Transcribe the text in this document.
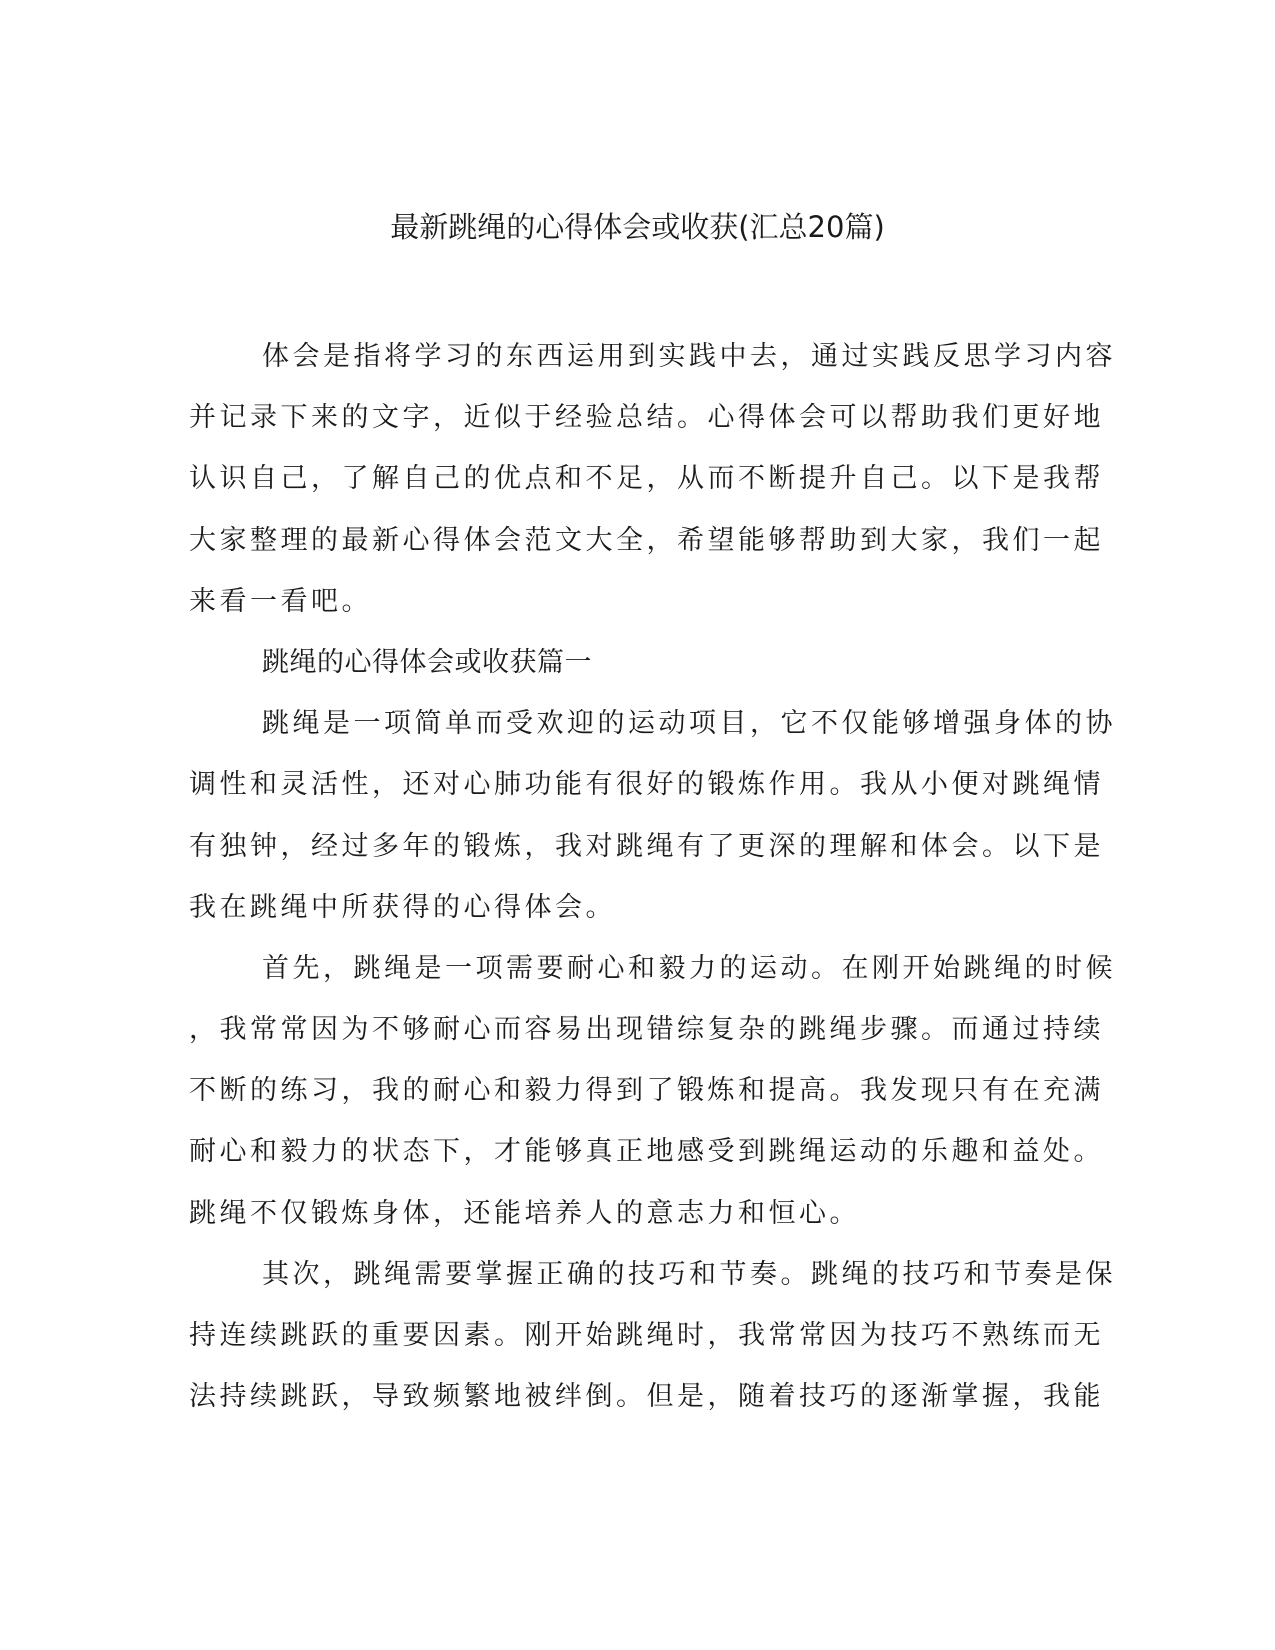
最新跳绳的心得体会或收获(汇总20篇)
体会是指将学习的东西运用到实践中去，通过实践反思学习内容
并记录下来的文字，近似于经验总结。心得体会可以帮助我们更好地
认识自己，了解自己的优点和不足，从而不断提升自己。以下是我帮
大家整理的最新心得体会范文大全，希望能够帮助到大家，我们一起
来看一看吧。
跳绳的心得体会或收获篇一
跳绳是一项简单而受欢迎的运动项目，它不仅能够增强身体的协
调性和灵活性，还对心肺功能有很好的锻炼作用。我从小便对跳绳情
有独钟，经过多年的锻炼，我对跳绳有了更深的理解和体会。以下是
我在跳绳中所获得的心得体会。
首先，跳绳是一项需要耐心和毅力的运动。在刚开始跳绳的时候
，我常常因为不够耐心而容易出现错综复杂的跳绳步骤。而通过持续
不断的练习，我的耐心和毅力得到了锻炼和提高。我发现只有在充满
耐心和毅力的状态下，才能够真正地感受到跳绳运动的乐趣和益处。
跳绳不仅锻炼身体，还能培养人的意志力和恒心。
其次，跳绳需要掌握正确的技巧和节奏。跳绳的技巧和节奏是保
持连续跳跃的重要因素。刚开始跳绳时，我常常因为技巧不熟练而无
法持续跳跃，导致频繁地被绊倒。但是，随着技巧的逐渐掌握，我能
